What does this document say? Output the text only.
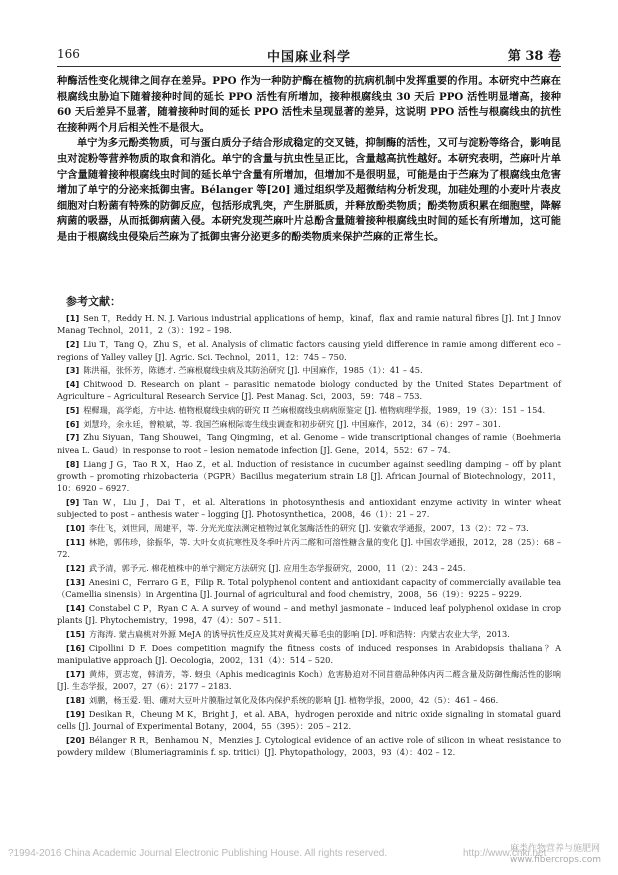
166	中国麻业科学	第 38 卷

种酶活性变化规律之间存在差异。PPO 作为一种防护酶在植物的抗病机制中发挥重要的作用。本研究中苎麻在根腐线虫胁迫下随着接种时间的延长 PPO 活性有所增加，接种根腐线虫 30 天后 PPO 活性明显增高，接种 60 天后差异不显著，随着接种时间的延长 PPO 活性未呈现显著的差异，这说明 PPO 活性与根腐线虫的抗性在接种两个月后相关性不是很大。

单宁为多元酚类物质，可与蛋白质分子结合形成稳定的交叉链，抑制酶的活性，又可与淀粉等络合，影响昆虫对淀粉等营养物质的取食和消化。单宁的含量与抗虫性呈正比，含量越高抗性越好。本研究表明，苎麻叶片单宁含量随着接种根腐线虫时间的延长单宁含量有所增加，但增加不是很明显，可能是由于苎麻为了根腐线虫危害增加了单宁的分泌来抵御虫害。Bélanger 等[20] 通过组织学及超微结构分析发现，加硅处理的小麦叶片表皮细胞对白粉菌有特殊的防御反应，包括形成乳突，产生胼胝质，并释放酚类物质；酚类物质积累在细胞壁，降解病菌的吸器，从而抵御病菌入侵。本研究发现苎麻叶片总酚含量随着接种根腐线虫时间的延长有所增加，这可能是由于根腐线虫侵染后苎麻为了抵御虫害分泌更多的酚类物质来保护苎麻的正常生长。

参考文献：

[1] Sen T，Reddy H. N. J. Various industrial applications of hemp，kinaf，flax and ramie natural fibres [J]. Int J Innov Manag Technol，2011，2（3）：192 – 198.

[2] Liu T，Tang Q，Zhu S，et al. Analysis of climatic factors causing yield difference in ramie among different eco – regions of Yalley valley [J]. Agric. Sci. Technol，2011，12：745 – 750.

[3] 陈洪福，张怀芳，陈德才. 苎麻根腐线虫病及其防治研究 [J]. 中国麻作，1985（1）：41 – 45.

[4] Chitwood D. Research on plant – parasitic nematode biology conducted by the United States Department of Agriculture – Agricultural Research Service [J]. Pest Manag. Sci，2003，59：748 – 753.

[5] 程樨瑞，高学彪，方中达. 植物根腐线虫病的研究 II 苎麻根腐线虫病病原鉴定 [J]. 植物病理学报，1989，19（3）：151 – 154.

[6] 刘慧玲，余永廷，曾粮斌，等. 我国苎麻根际寄生线虫调查和初步研究 [J]. 中国麻作，2012，34（6）：297 – 301.

[7] Zhu Siyuan，Tang Shouwei，Tang Qingming，et al. Genome – wide transcriptional changes of ramie（Boehmeria nivea L. Gaud）in response to root – lesion nematode infection [J]. Gene，2014，552：67 – 74.

[8] Liang J G，Tao R X，Hao Z，et al. Induction of resistance in cucumber against seedling damping – off by plant growth – promoting rhizobacteria（PGPR）Bacillus megaterium strain L8 [J]. African Journal of Biotechnology，2011，10：6920 – 6927.

[9] Tan W，Liu J，Dai T，et al. Alterations in photosynthesis and antioxidant enzyme activity in winter wheat subjected to post – anthesis water – logging [J]. Photosynthetica，2008，46（1）：21 – 27.

[10] 李仕飞，刘世同，周建平，等. 分光光度法测定植物过氧化氢酶活性的研究 [J]. 安徽农学通报，2007，13（2）：72 – 73.

[11] 林艳，郭伟珍，徐振华，等. 大叶女贞抗寒性及冬季叶片丙二醛和可溶性糖含量的变化 [J]. 中国农学通报，2012，28（25）：68 – 72.

[12] 武予清，郭予元. 棉花植株中的单宁测定方法研究 [J]. 应用生态学报研究，2000，11（2）：243 – 245.

[13] Anesini C，Ferraro G E，Filip R. Total polyphenol content and antioxidant capacity of commercially available tea（Camellia sinensis）in Argentina [J]. Journal of agricultural and food chemistry，2008，56（19）：9225 – 9229.

[14] Constabel C P，Ryan C A. A survey of wound – and methyl jasmonate – induced leaf polyphenol oxidase in crop plants [J]. Phytochemistry，1998，47（4）：507 – 511.

[15] 方海涛. 蒙古扁桃对外源 MeJA 的诱导抗性反应及其对黄褐天幕毛虫的影响 [D]. 呼和浩特：内蒙古农业大学，2013.

[16] Cipollini D F. Does competition magnify the fitness costs of induced responses in Arabidopsis thaliana？A manipulative approach [J]. Oecologia，2002，131（4）：514 – 520.

[17] 黄炜，贾志宽，韩清芳，等. 蚜虫（Aphis medicaginis Koch）危害胁迫对不同苜蓿品种体内丙二醛含量及防御性酶活性的影响 [J]. 生态学报，2007，27（6）：2177 – 2183.

[18] 刘鹏，杨玉爱. 钼、硼对大豆叶片膜脂过氧化及体内保护系统的影响 [J]. 植物学报，2000，42（5）：461 – 466.

[19] Desikan R，Cheung M K，Bright J，et al. ABA，hydrogen peroxide and nitric oxide signaling in stomatal guard cells [J]. Journal of Experimental Botany，2004，55（395）：205 – 212.

[20] Bélanger R R，Benhamou N，Menzies J. Cytological evidence of an active role of silicon in wheat resistance to powdery mildew（Blumeriagraminis f. sp. tritici）[J]. Phytopathology，2003，93（4）：402 – 12.

?1994-2016 China Academic Journal Electronic Publishing House. All rights reserved.	http://www.cnki.net
麻类作物营养与施肥网
www.fibercrops.com
